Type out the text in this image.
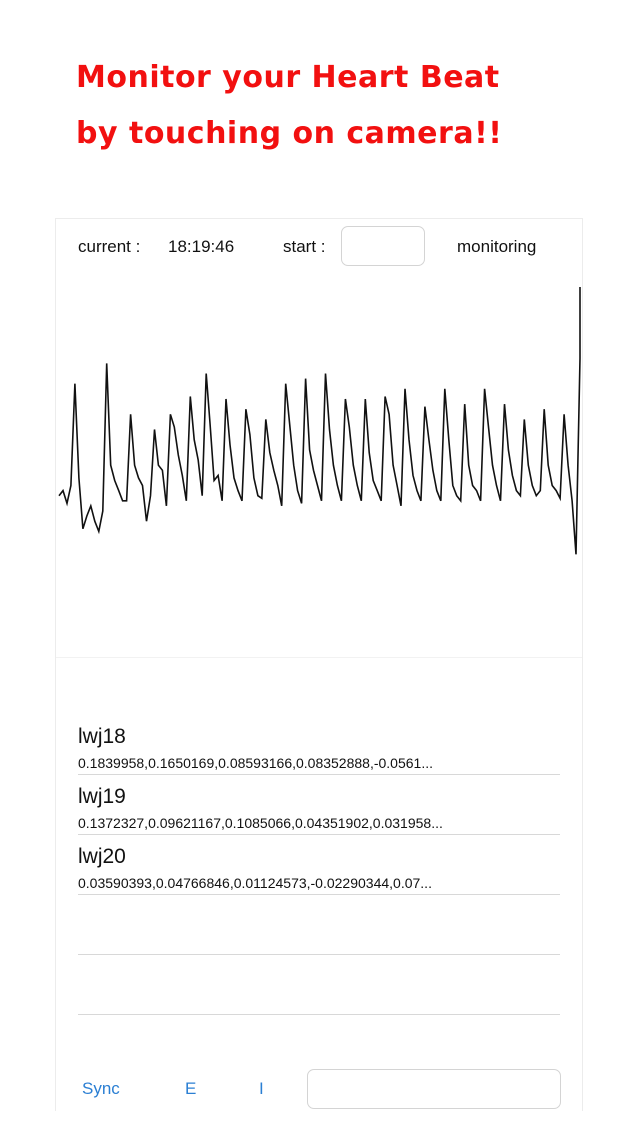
Monitor your Heart Beat
by touching on camera!!
current : 18:19:46	start :	monitoring
lwj18
0.1839958,0.1650169,0.08593166,0.08352888,-0.0561...
lwj19
0.1372327,0.09621167,0.1085066,0.04351902,0.031958...
lwj20
0.03590393,0.04766846,0.01124573,-0.02290344,0.07...
Sync	E	I
